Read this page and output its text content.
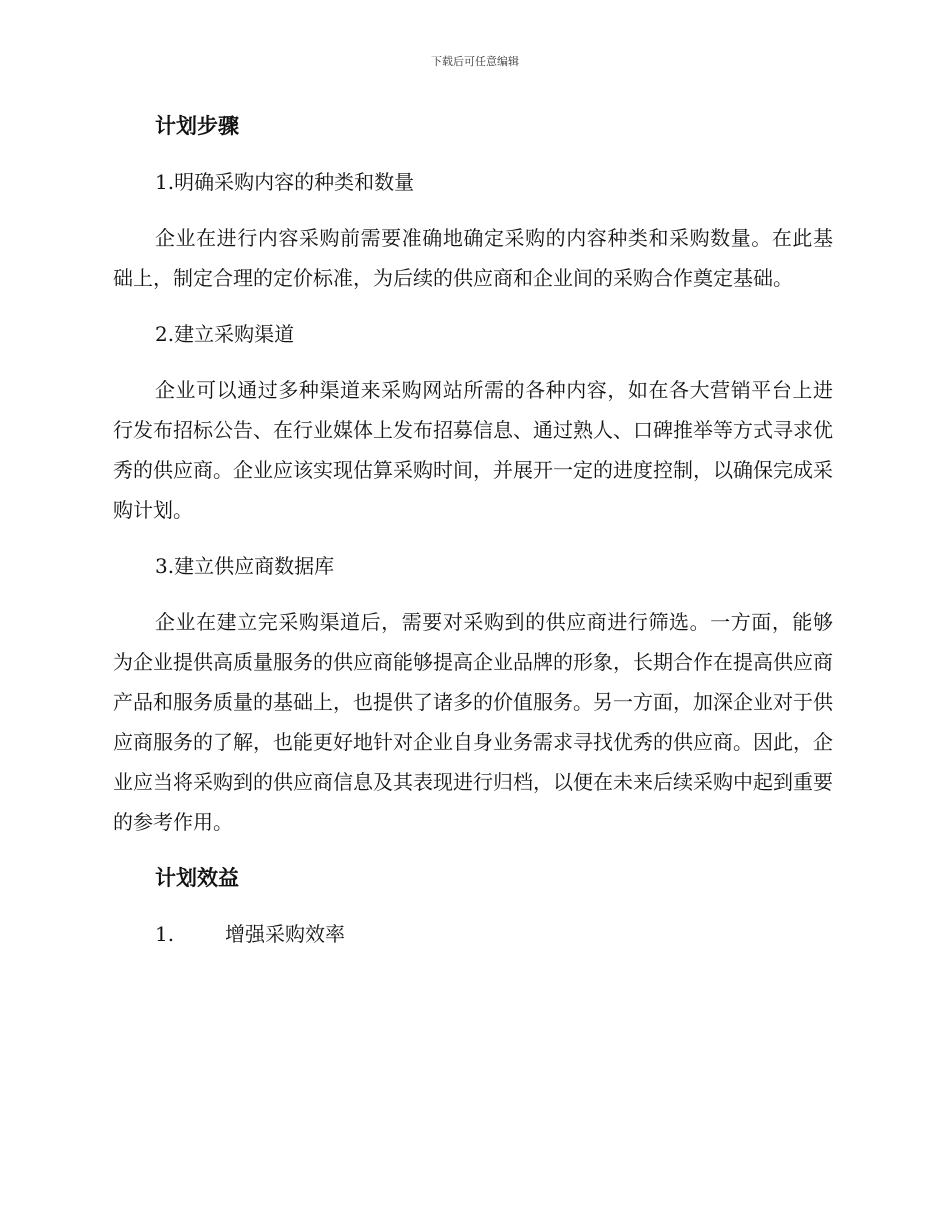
下载后可任意编辑
计划步骤
1.明确采购内容的种类和数量
企业在进行内容采购前需要准确地确定采购的内容种类和采购数量。在此基础上，制定合理的定价标准，为后续的供应商和企业间的采购合作奠定基础。
2.建立采购渠道
企业可以通过多种渠道来采购网站所需的各种内容，如在各大营销平台上进行发布招标公告、在行业媒体上发布招募信息、通过熟人、口碑推举等方式寻求优秀的供应商。企业应该实现估算采购时间，并展开一定的进度控制，以确保完成采购计划。
3.建立供应商数据库
企业在建立完采购渠道后，需要对采购到的供应商进行筛选。一方面，能够为企业提供高质量服务的供应商能够提高企业品牌的形象，长期合作在提高供应商产品和服务质量的基础上，也提供了诸多的价值服务。另一方面，加深企业对于供应商服务的了解，也能更好地针对企业自身业务需求寻找优秀的供应商。因此，企业应当将采购到的供应商信息及其表现进行归档，以便在未来后续采购中起到重要的参考作用。
计划效益
1.	增强采购效率
